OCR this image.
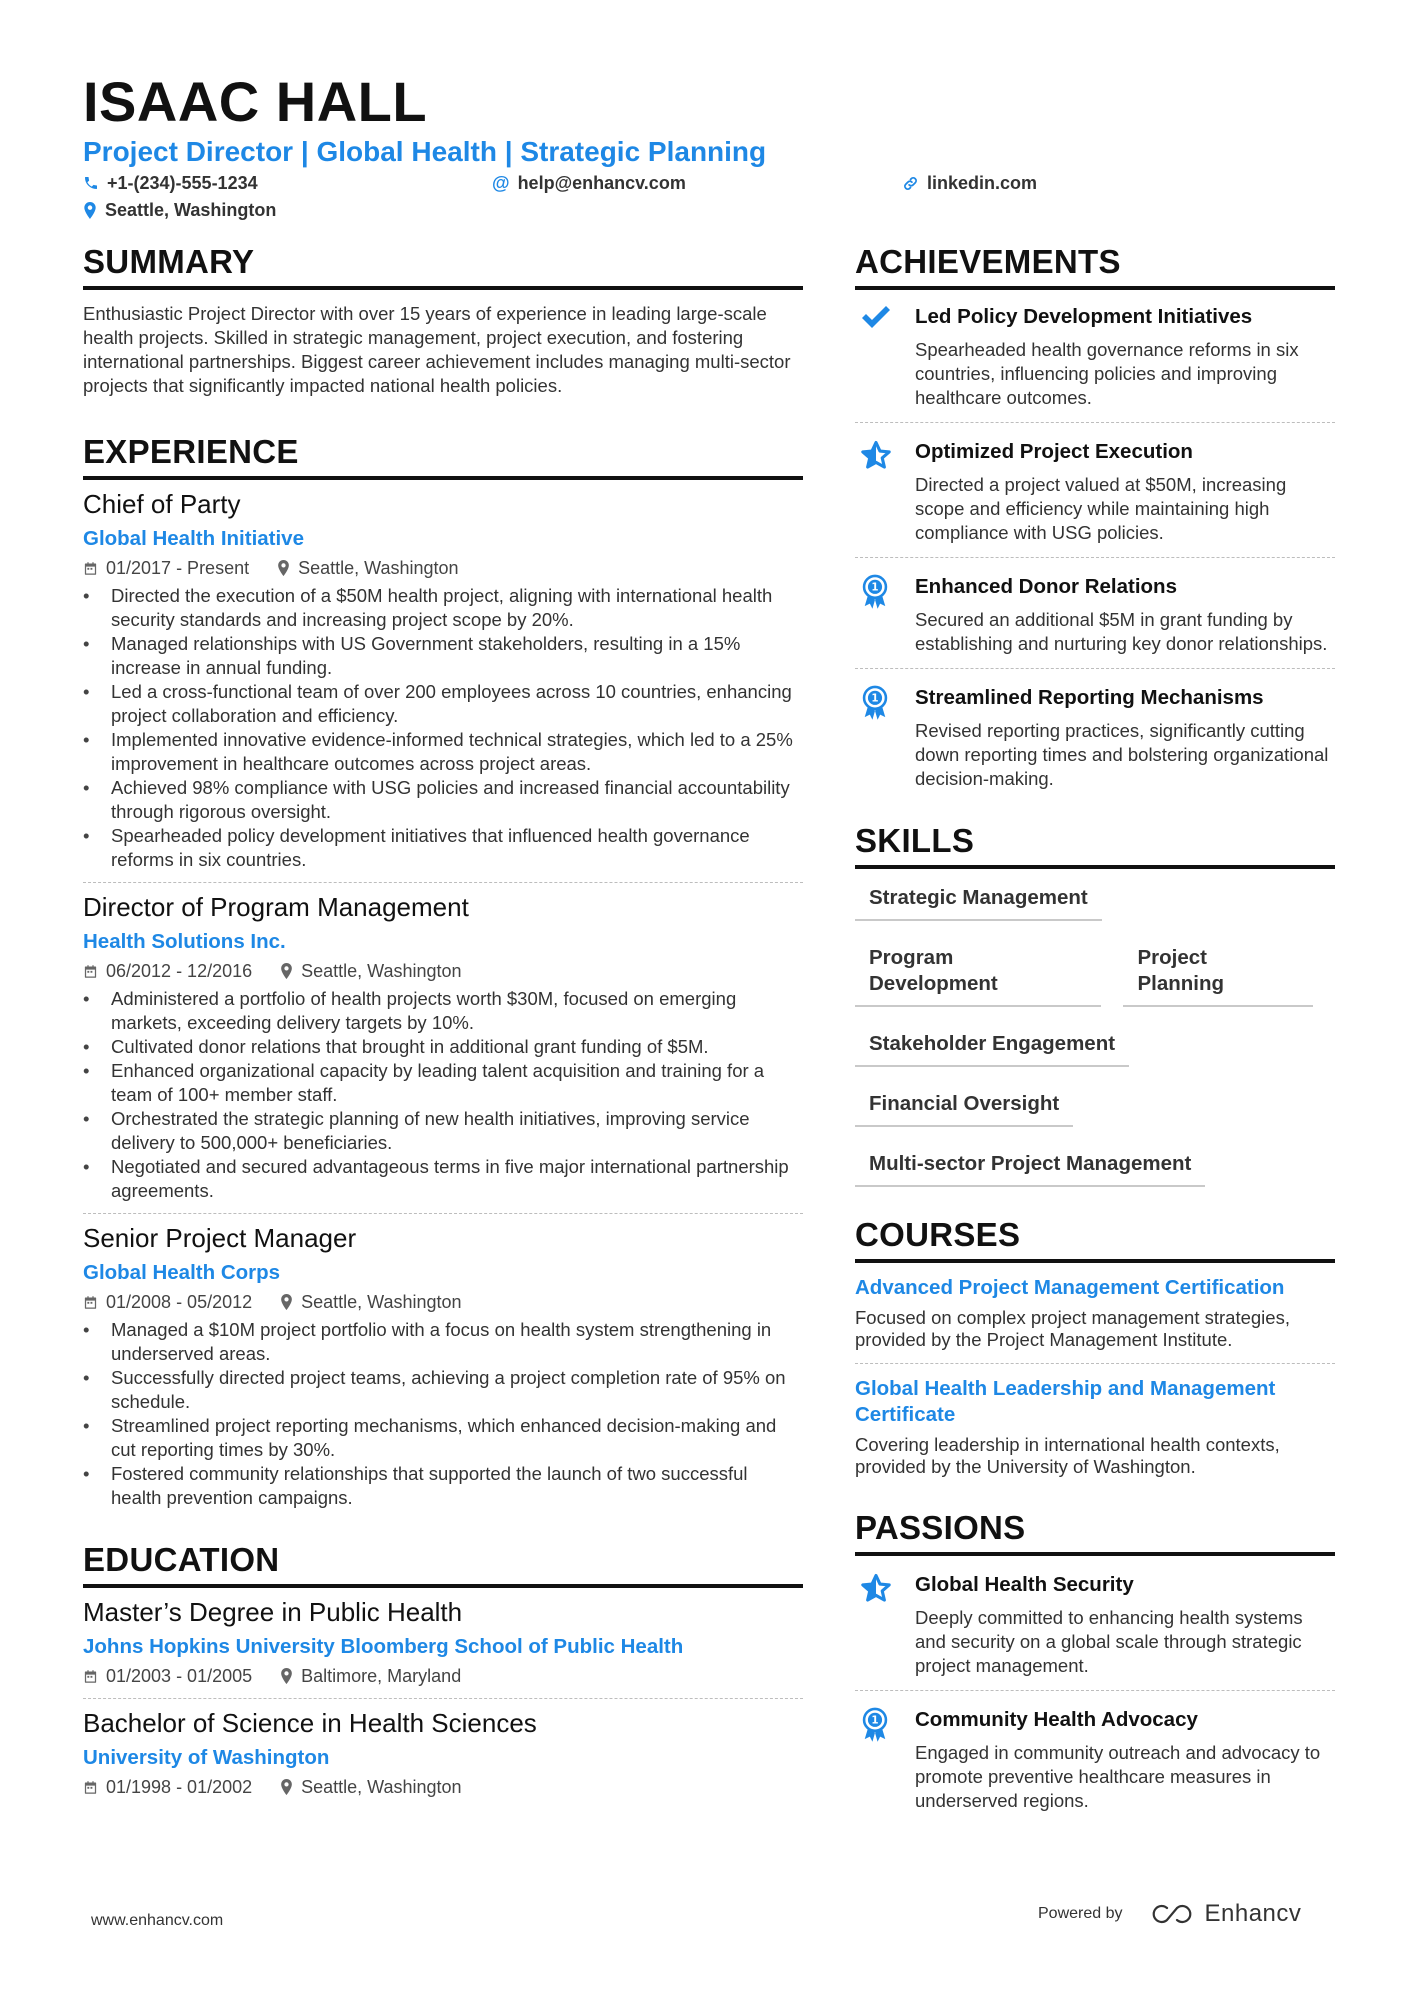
ISAAC HALL
Project Director | Global Health | Strategic Planning
+1-(234)-555-1234	@ help@enhancv.com	linkedin.com
Seattle, Washington
SUMMARY
Enthusiastic Project Director with over 15 years of experience in leading large-scale health projects. Skilled in strategic management, project execution, and fostering international partnerships. Biggest career achievement includes managing multi-sector projects that significantly impacted national health policies.
EXPERIENCE
Chief of Party
Global Health Initiative
01/2017 - Present	Seattle, Washington
• Directed the execution of a $50M health project, aligning with international health security standards and increasing project scope by 20%.
• Managed relationships with US Government stakeholders, resulting in a 15% increase in annual funding.
• Led a cross-functional team of over 200 employees across 10 countries, enhancing project collaboration and efficiency.
• Implemented innovative evidence-informed technical strategies, which led to a 25% improvement in healthcare outcomes across project areas.
• Achieved 98% compliance with USG policies and increased financial accountability through rigorous oversight.
• Spearheaded policy development initiatives that influenced health governance reforms in six countries.
Director of Program Management
Health Solutions Inc.
06/2012 - 12/2016	Seattle, Washington
• Administered a portfolio of health projects worth $30M, focused on emerging markets, exceeding delivery targets by 10%.
• Cultivated donor relations that brought in additional grant funding of $5M.
• Enhanced organizational capacity by leading talent acquisition and training for a team of 100+ member staff.
• Orchestrated the strategic planning of new health initiatives, improving service delivery to 500,000+ beneficiaries.
• Negotiated and secured advantageous terms in five major international partnership agreements.
Senior Project Manager
Global Health Corps
01/2008 - 05/2012	Seattle, Washington
• Managed a $10M project portfolio with a focus on health system strengthening in underserved areas.
• Successfully directed project teams, achieving a project completion rate of 95% on schedule.
• Streamlined project reporting mechanisms, which enhanced decision-making and cut reporting times by 30%.
• Fostered community relationships that supported the launch of two successful health prevention campaigns.
EDUCATION
Master’s Degree in Public Health
Johns Hopkins University Bloomberg School of Public Health
01/2003 - 01/2005	Baltimore, Maryland
Bachelor of Science in Health Sciences
University of Washington
01/1998 - 01/2002	Seattle, Washington
ACHIEVEMENTS
Led Policy Development Initiatives
Spearheaded health governance reforms in six countries, influencing policies and improving healthcare outcomes.
Optimized Project Execution
Directed a project valued at $50M, increasing scope and efficiency while maintaining high compliance with USG policies.
1 Enhanced Donor Relations
Secured an additional $5M in grant funding by establishing and nurturing key donor relationships.
1 Streamlined Reporting Mechanisms
Revised reporting practices, significantly cutting down reporting times and bolstering organizational decision-making.
SKILLS
Strategic Management
Program Development
Project Planning
Stakeholder Engagement
Financial Oversight
Multi-sector Project Management
COURSES
Advanced Project Management Certification
Focused on complex project management strategies, provided by the Project Management Institute.
Global Health Leadership and Management Certificate
Covering leadership in international health contexts, provided by the University of Washington.
PASSIONS
Global Health Security
Deeply committed to enhancing health systems and security on a global scale through strategic project management.
1 Community Health Advocacy
Engaged in community outreach and advocacy to promote preventive healthcare measures in underserved regions.
www.enhancv.com	Powered by	Enhancv
